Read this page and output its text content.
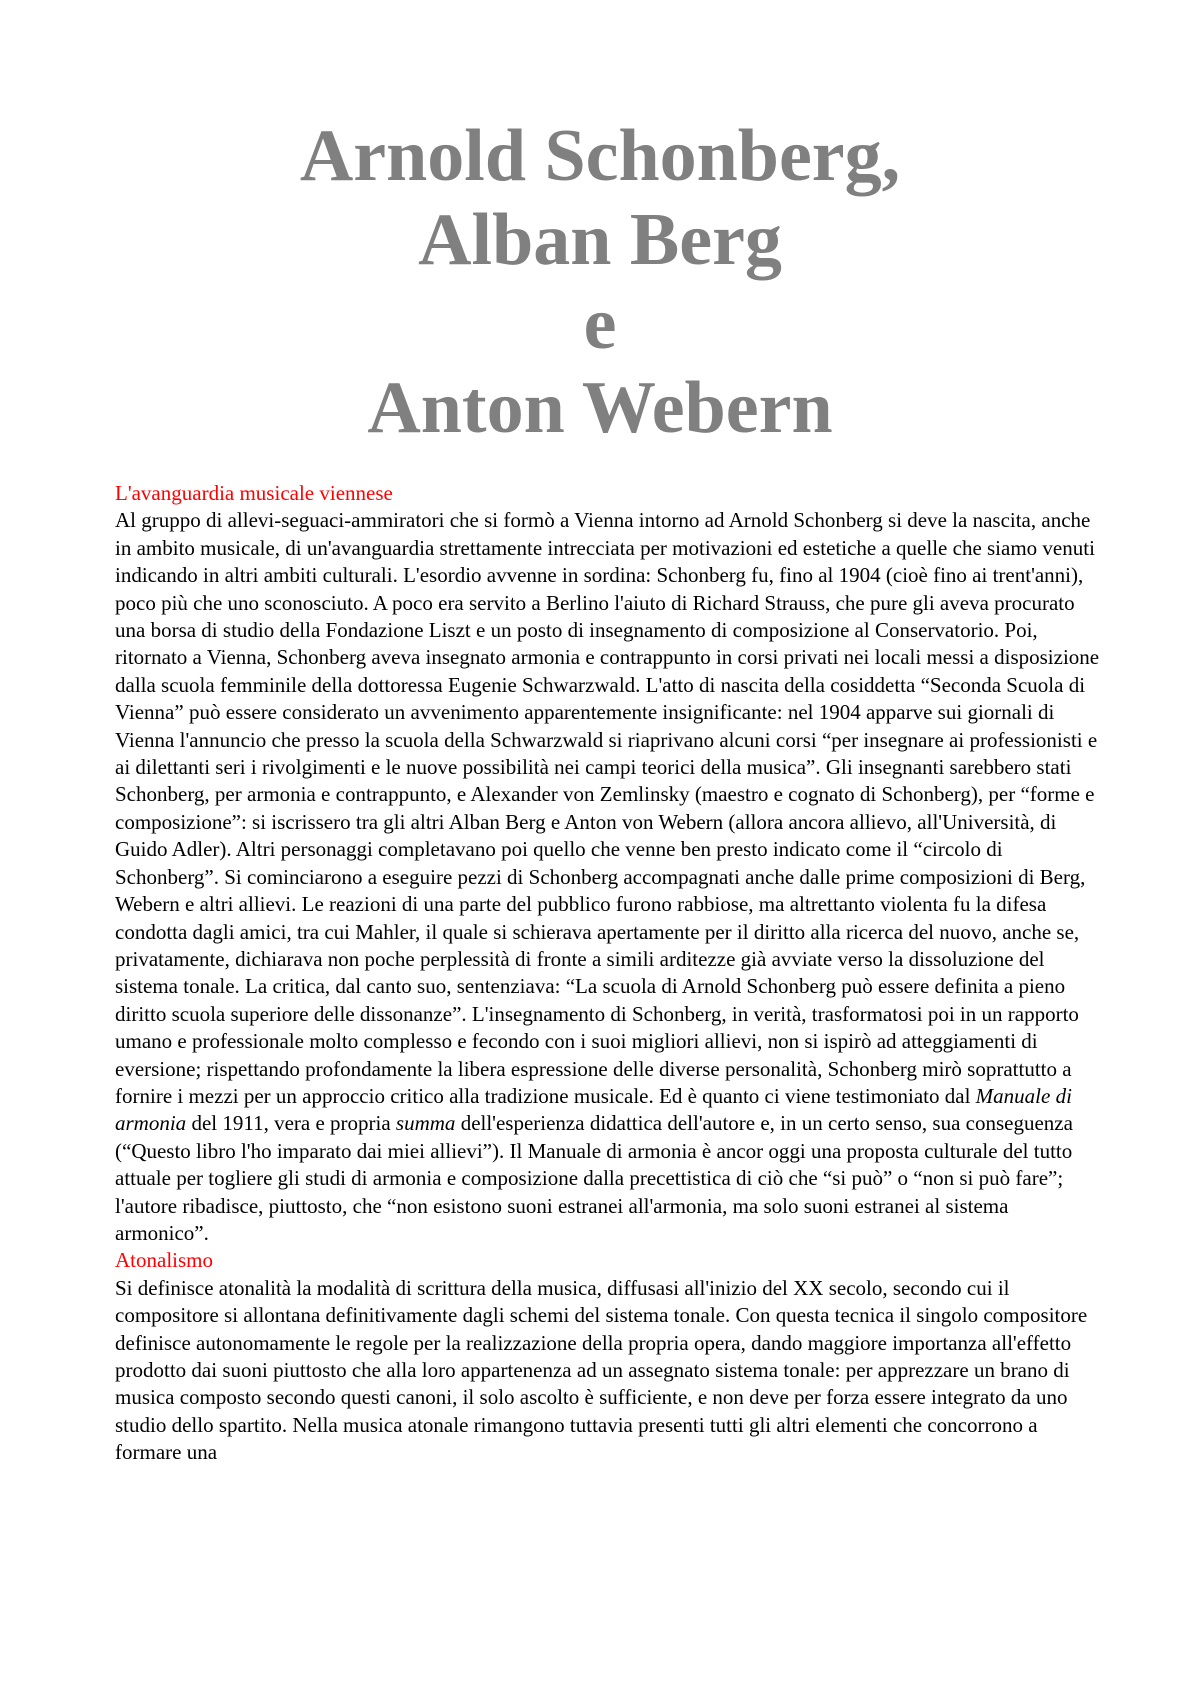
Arnold Schonberg,
Alban Berg
e
Anton Webern
L'avanguardia musicale viennese
Al gruppo di allevi-seguaci-ammiratori che si formò a Vienna intorno ad Arnold Schonberg si deve la nascita, anche in ambito musicale, di un'avanguardia strettamente intrecciata per motivazioni ed estetiche a quelle che siamo venuti indicando in altri ambiti culturali. L'esordio avvenne in sordina: Schonberg fu, fino al 1904 (cioè fino ai trent'anni), poco più che uno sconosciuto. A poco era servito a Berlino l'aiuto di Richard Strauss, che pure gli aveva procurato una borsa di studio della Fondazione Liszt e un posto di insegnamento di composizione al Conservatorio. Poi, ritornato a Vienna, Schonberg aveva insegnato armonia e contrappunto in corsi privati nei locali messi a disposizione dalla scuola femminile della dottoressa Eugenie Schwarzwald. L'atto di nascita della cosiddetta “Seconda Scuola di Vienna” può essere considerato un avvenimento apparentemente insignificante: nel 1904 apparve sui giornali di Vienna l'annuncio che presso la scuola della Schwarzwald si riaprivano alcuni corsi “per insegnare ai professionisti e ai dilettanti seri i rivolgimenti e le nuove possibilità nei campi teorici della musica”. Gli insegnanti sarebbero stati Schonberg, per armonia e contrappunto, e Alexander von Zemlinsky (maestro e cognato di Schonberg), per “forme e composizione”: si iscrissero tra gli altri Alban Berg e Anton von Webern (allora ancora allievo, all'Università, di Guido Adler). Altri personaggi completavano poi quello che venne ben presto indicato come il “circolo di Schonberg”. Si cominciarono a eseguire pezzi di Schonberg accompagnati anche dalle prime composizioni di Berg, Webern e altri allievi. Le reazioni di una parte del pubblico furono rabbiose, ma altrettanto violenta fu la difesa condotta dagli amici, tra cui Mahler, il quale si schierava apertamente per il diritto alla ricerca del nuovo, anche se, privatamente, dichiarava non poche perplessità di fronte a simili arditezze già avviate verso la dissoluzione del sistema tonale. La critica, dal canto suo, sentenziava: “La scuola di Arnold Schonberg può essere definita a pieno diritto scuola superiore delle dissonanze”. L'insegnamento di Schonberg, in verità, trasformatosi poi in un rapporto umano e professionale molto complesso e fecondo con i suoi migliori allievi, non si ispirò ad atteggiamenti di eversione; rispettando profondamente la libera espressione delle diverse personalità, Schonberg mirò soprattutto a fornire i mezzi per un approccio critico alla tradizione musicale. Ed è quanto ci viene testimoniato dal Manuale di armonia del 1911, vera e propria summa dell'esperienza didattica dell'autore e, in un certo senso, sua conseguenza (“Questo libro l'ho imparato dai miei allievi”). Il Manuale di armonia è ancor oggi una proposta culturale del tutto attuale per togliere gli studi di armonia e composizione dalla precettistica di ciò che “si può” o “non si può fare”; l'autore ribadisce, piuttosto, che “non esistono suoni estranei all'armonia, ma solo suoni estranei al sistema armonico”.
Atonalismo
Si definisce atonalità la modalità di scrittura della musica, diffusasi all'inizio del XX secolo, secondo cui il compositore si allontana definitivamente dagli schemi del sistema tonale. Con questa tecnica il singolo compositore definisce autonomamente le regole per la realizzazione della propria opera, dando maggiore importanza all'effetto prodotto dai suoni piuttosto che alla loro appartenenza ad un assegnato sistema tonale: per apprezzare un brano di musica composto secondo questi canoni, il solo ascolto è sufficiente, e non deve per forza essere integrato da uno studio dello spartito. Nella musica atonale rimangono tuttavia presenti tutti gli altri elementi che concorrono a formare una
